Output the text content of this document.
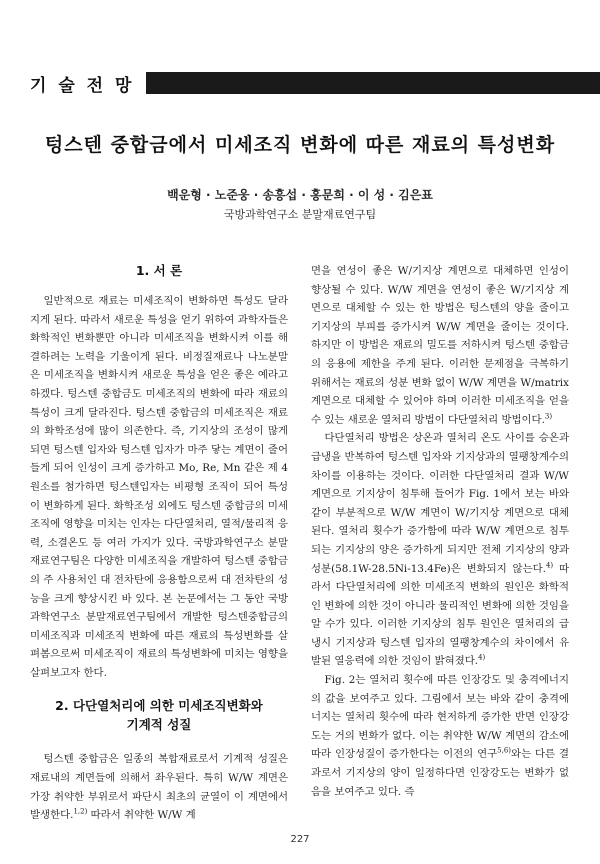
기 술 전 망
텅스텐 중합금에서 미세조직 변화에 따른 재료의 특성변화
백운형 · 노준웅 · 송흥섭 · 홍문희 · 이 성 · 김은표
국방과학연구소 분말재료연구팀
1. 서 론

일반적으로 재료는 미세조직이 변화하면 특성도 달라지게 된다. 따라서 새로운 특성을 얻기 위하여 과학자들은 화학적인 변화뿐만 아니라 미세조직을 변화시켜 이를 해결하려는 노력을 기울이게 된다. 비정질재료나 나노분말은 미세조직을 변화시켜 새로운 특성을 얻은 좋은 예라고 하겠다. 텅스텐 중합금도 미세조직의 변화에 따라 재료의 특성이 크게 달라진다. 텅스텐 중합금의 미세조직은 재료의 화학조성에 많이 의존한다. 즉, 기지상의 조성이 많게 되면 텅스텐 입자와 텅스텐 입자가 마주 닿는 계면이 줄어들게 되어 인성이 크게 증가하고 Mo, Re, Mn 같은 제 4원소를 첨가하면 텅스텐입자는 비평형 조직이 되어 특성이 변화하게 된다. 화학조성 외에도 텅스텐 중합금의 미세조직에 영향을 미치는 인자는 다단열처리, 열적/물리적 응력, 소결온도 등 여러 가지가 있다. 국방과학연구소 분말재료연구팀은 다양한 미세조직을 개발하여 텅스텐 중합금의 주 사용처인 대 전차탄에 응용함으로써 대 전차탄의 성능을 크게 향상시킨 바 있다. 본 논문에서는 그 동안 국방과학연구소 분말재료연구팀에서 개발한 텅스텐중합금의 미세조직과 미세조직 변화에 따른 재료의 특성변화를 살펴봄으로써 미세조직이 재료의 특성변화에 미치는 영향을 살펴보고자 한다.

2. 다단열처리에 의한 미세조직변화와
기계적 성질

텅스텐 중합금은 일종의 복합재료로서 기계적 성질은 재료내의 계면들에 의해서 좌우된다. 특히 W/W 계면은 가장 취약한 부위로서 파단시 최초의 균열이 이 계면에서 발생한다.$^{1,2)}$ 따라서 취약한 W/W 계

면을 연성이 좋은 W/기지상 계면으로 대체하면 인성이 향상될 수 있다. W/W 계면을 연성이 좋은 W/기지상 계면으로 대체할 수 있는 한 방법은 텅스텐의 양을 줄이고 기지상의 부피를 증가시켜 W/W 계면을 줄이는 것이다. 하지만 이 방법은 재료의 밀도를 저하시켜 텅스텐 중합금의 응용에 제한을 주게 된다. 이러한 문제점을 극복하기 위해서는 재료의 성분 변화 없이 W/W 계면을 W/matrix 계면으로 대체할 수 있어야 하며 이러한 미세조직을 얻을 수 있는 새로운 열처리 방법이 다단열처리 방법이다.$^{3)}$

다단열처리 방법은 상온과 열처리 온도 사이를 승온과 급냉을 반복하여 텅스텐 입자와 기지상과의 열팽창계수의 차이를 이용하는 것이다. 이러한 다단열처리 결과 W/W 계면으로 기지상이 침투해 들어가 Fig. 1에서 보는 바와 같이 부분적으로 W/W 계면이 W/기지상 계면으로 대체 된다. 열처리 횟수가 증가함에 따라 W/W 계면으로 침투되는 기지상의 양은 증가하게 되지만 전체 기지상의 양과 성분(58.1W-28.5Ni-13.4Fe)은 변화되지 않는다.$^{4)}$ 따라서 다단열처리에 의한 미세조직 변화의 원인은 화학적인 변화에 의한 것이 아니라 물리적인 변화에 의한 것임을 알 수가 있다. 이러한 기지상의 침투 원인은 열처리의 급냉시 기지상과 텅스텐 입자의 열팽창계수의 차이에서 유발된 열응력에 의한 것임이 밝혀졌다.$^{4)}$

Fig. 2는 열처리 횟수에 따른 인장강도 및 충격에너지의 값을 보여주고 있다. 그림에서 보는 바와 같이 충격에너지는 열처리 횟수에 따라 현저하게 증가한 반면 인장강도는 거의 변화가 없다. 이는 취약한 W/W 계면의 감소에 따라 인장성질이 증가한다는 이전의 연구$^{5,6)}$와는 다른 결과로서 기지상의 양이 일정하다면 인장강도는 변화가 없음을 보여주고 있다. 즉

227
